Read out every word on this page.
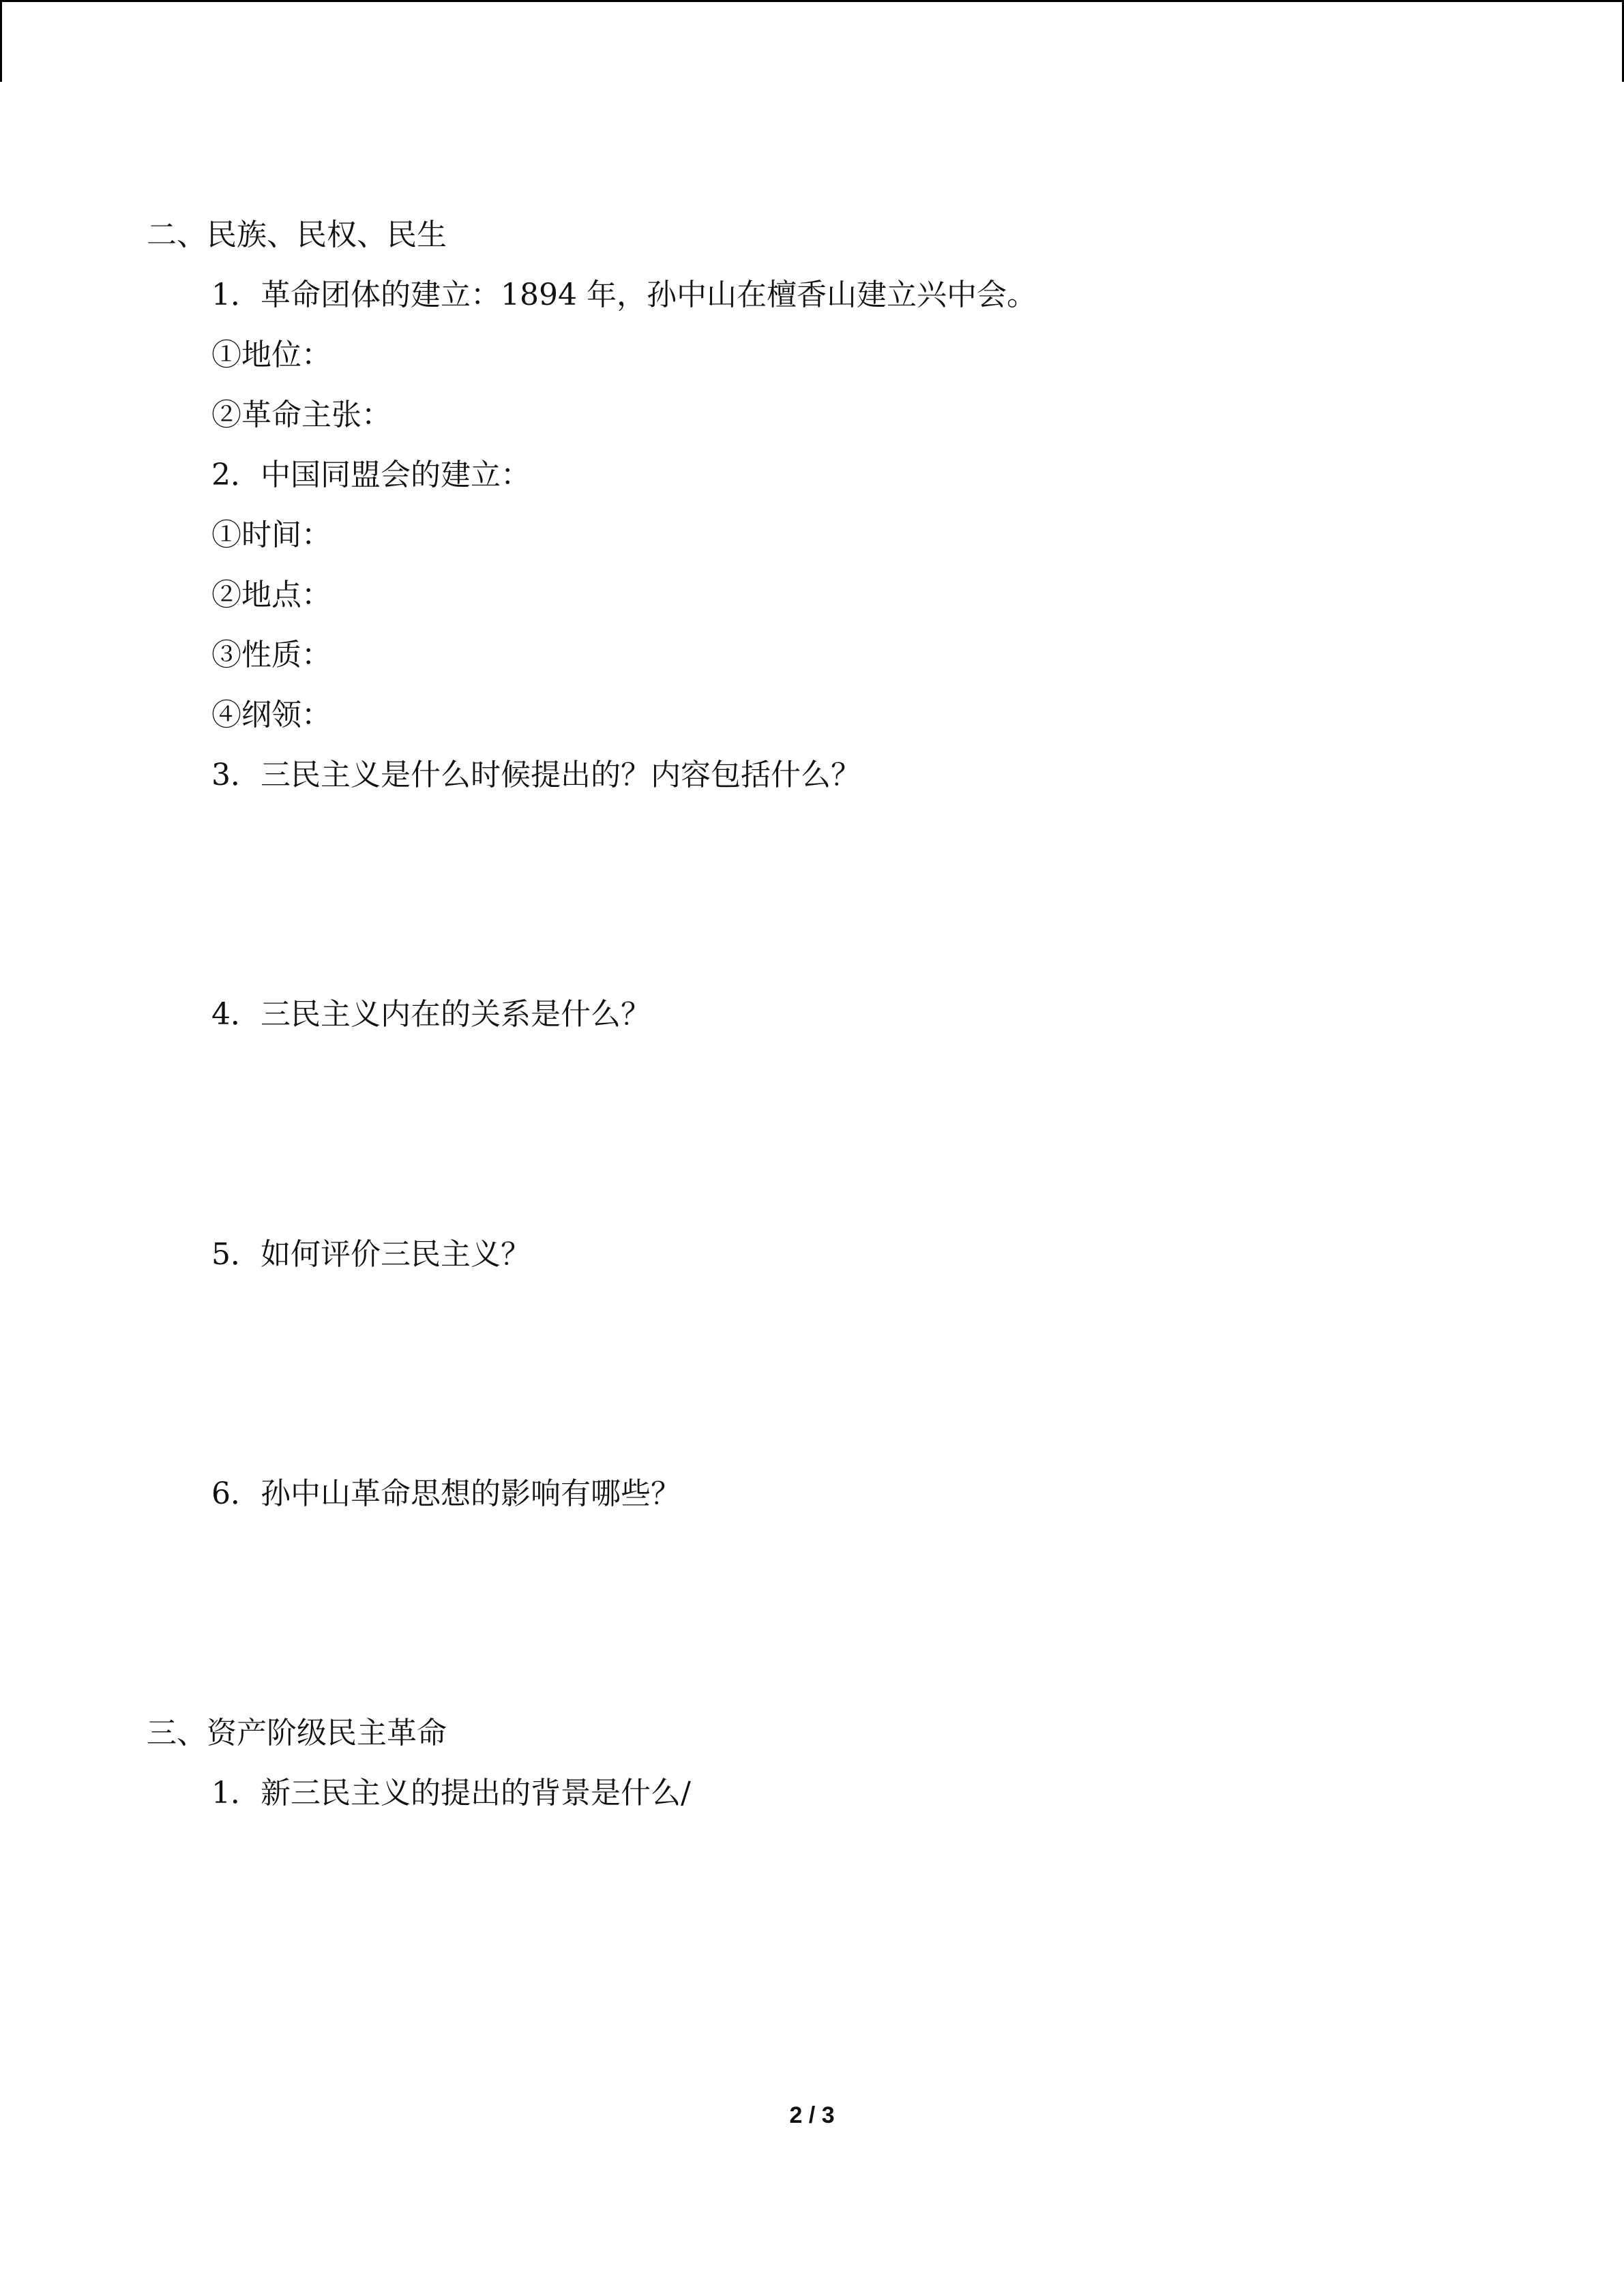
二、民族、民权、民生
1．革命团体的建立：1894 年，孙中山在檀香山建立兴中会。
①地位：
②革命主张：
2．中国同盟会的建立：
①时间：
②地点：
③性质：
④纲领：
3．三民主义是什么时候提出的？内容包括什么？
4．三民主义内在的关系是什么？
5．如何评价三民主义？
6．孙中山革命思想的影响有哪些？
三、资产阶级民主革命
1．新三民主义的提出的背景是什么/
2 / 3
